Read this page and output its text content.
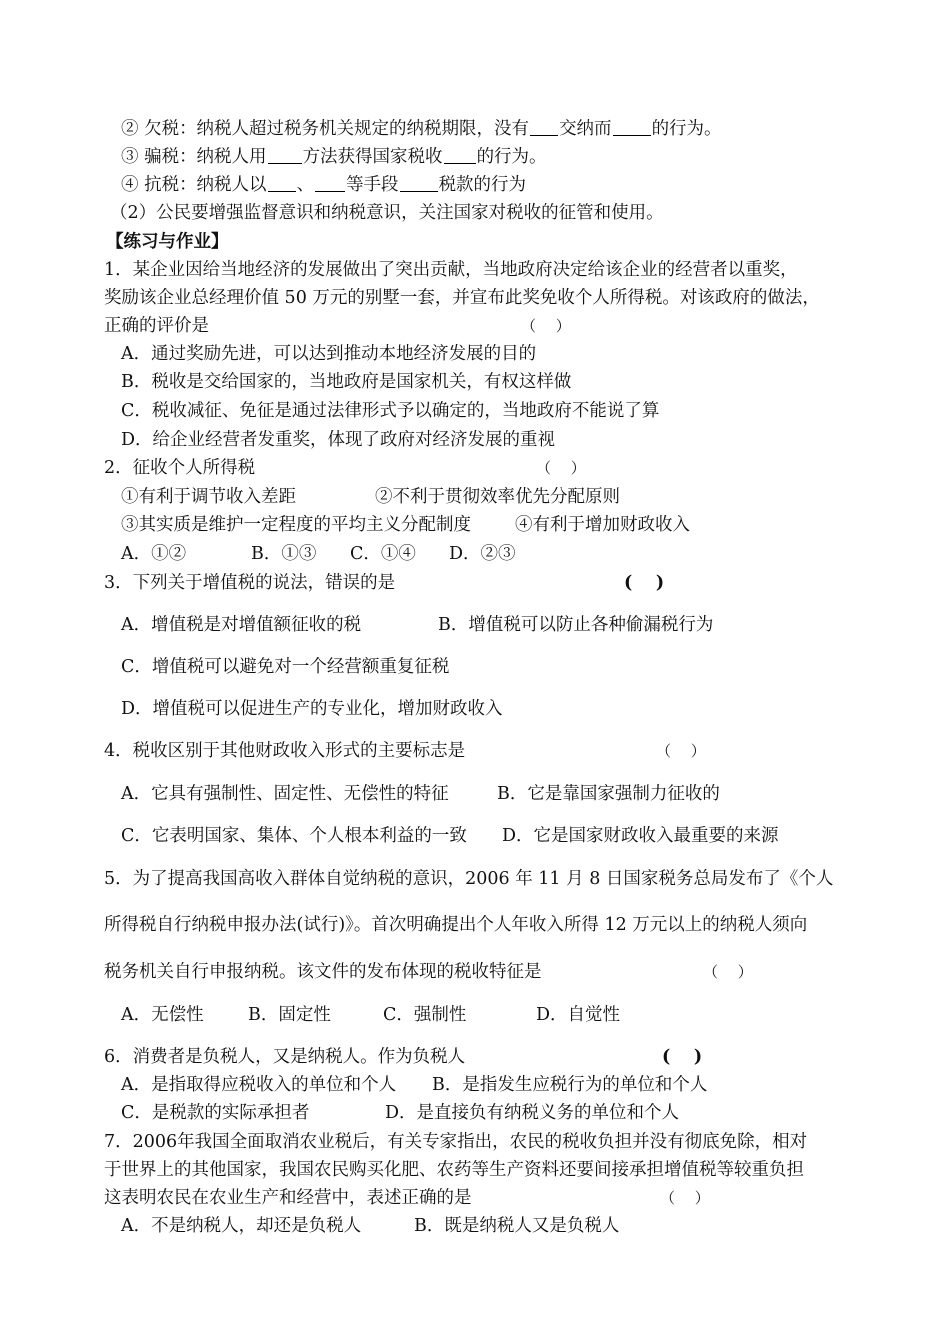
② 欠税：纳税人超过税务机关规定的纳税期限，没有 交纳而 的行为。
③ 骗税：纳税人用 方法获得国家税收 的行为。
④ 抗税：纳税人以 、 等手段 税款的行为
（2）公民要增强监督意识和纳税意识，关注国家对税收的征管和使用。
【练习与作业】
1．某企业因给当地经济的发展做出了突出贡献，当地政府决定给该企业的经营者以重奖，
奖励该企业总经理价值 50 万元的别墅一套，并宣布此奖免收个人所得税。对该政府的做法，
正确的评价是	（　 ）
A．通过奖励先进，可以达到推动本地经济发展的目的
B．税收是交给国家的，当地政府是国家机关，有权这样做
C．税收减征、免征是通过法律形式予以确定的，当地政府不能说了算
D．给企业经营者发重奖，体现了政府对经济发展的重视
2．征收个人所得税	（　 ）
①有利于调节收入差距	②不利于贯彻效率优先分配原则
③其实质是维护一定程度的平均主义分配制度	④有利于增加财政收入
A．①②	B．①③ C．①④ D．②③
3．下列关于增值税的说法，错误的是	(　 )
A．增值税是对增值额征收的税	B．增值税可以防止各种偷漏税行为
C．增值税可以避免对一个经营额重复征税
D．增值税可以促进生产的专业化，增加财政收入
4．税收区别于其他财政收入形式的主要标志是	（　 ）
A．它具有强制性、固定性、无偿性的特征	B．它是靠国家强制力征收的
C．它表明国家、集体、个人根本利益的一致 D．它是国家财政收入最重要的来源
5．为了提高我国高收入群体自觉纳税的意识，2006 年 11 月 8 日国家税务总局发布了《个人
所得税自行纳税申报办法(试行)》。首次明确提出个人年收入所得 12 万元以上的纳税人须向
税务机关自行申报纳税。该文件的发布体现的税收特征是	（　 ）
A．无偿性	B．固定性	C．强制性	D．自觉性
6．消费者是负税人，又是纳税人。作为负税人	(　 )
A．是指取得应税收入的单位和个人 B．是指发生应税行为的单位和个人
C．是税款的实际承担者	D．是直接负有纳税义务的单位和个人
7．2006年我国全面取消农业税后，有关专家指出，农民的税收负担并没有彻底免除，相对
于世界上的其他国家，我国农民购买化肥、农药等生产资料还要间接承担增值税等较重负担
这表明农民在农业生产和经营中，表述正确的是	（　 ）
A．不是纳税人，却还是负税人	B．既是纳税人又是负税人
